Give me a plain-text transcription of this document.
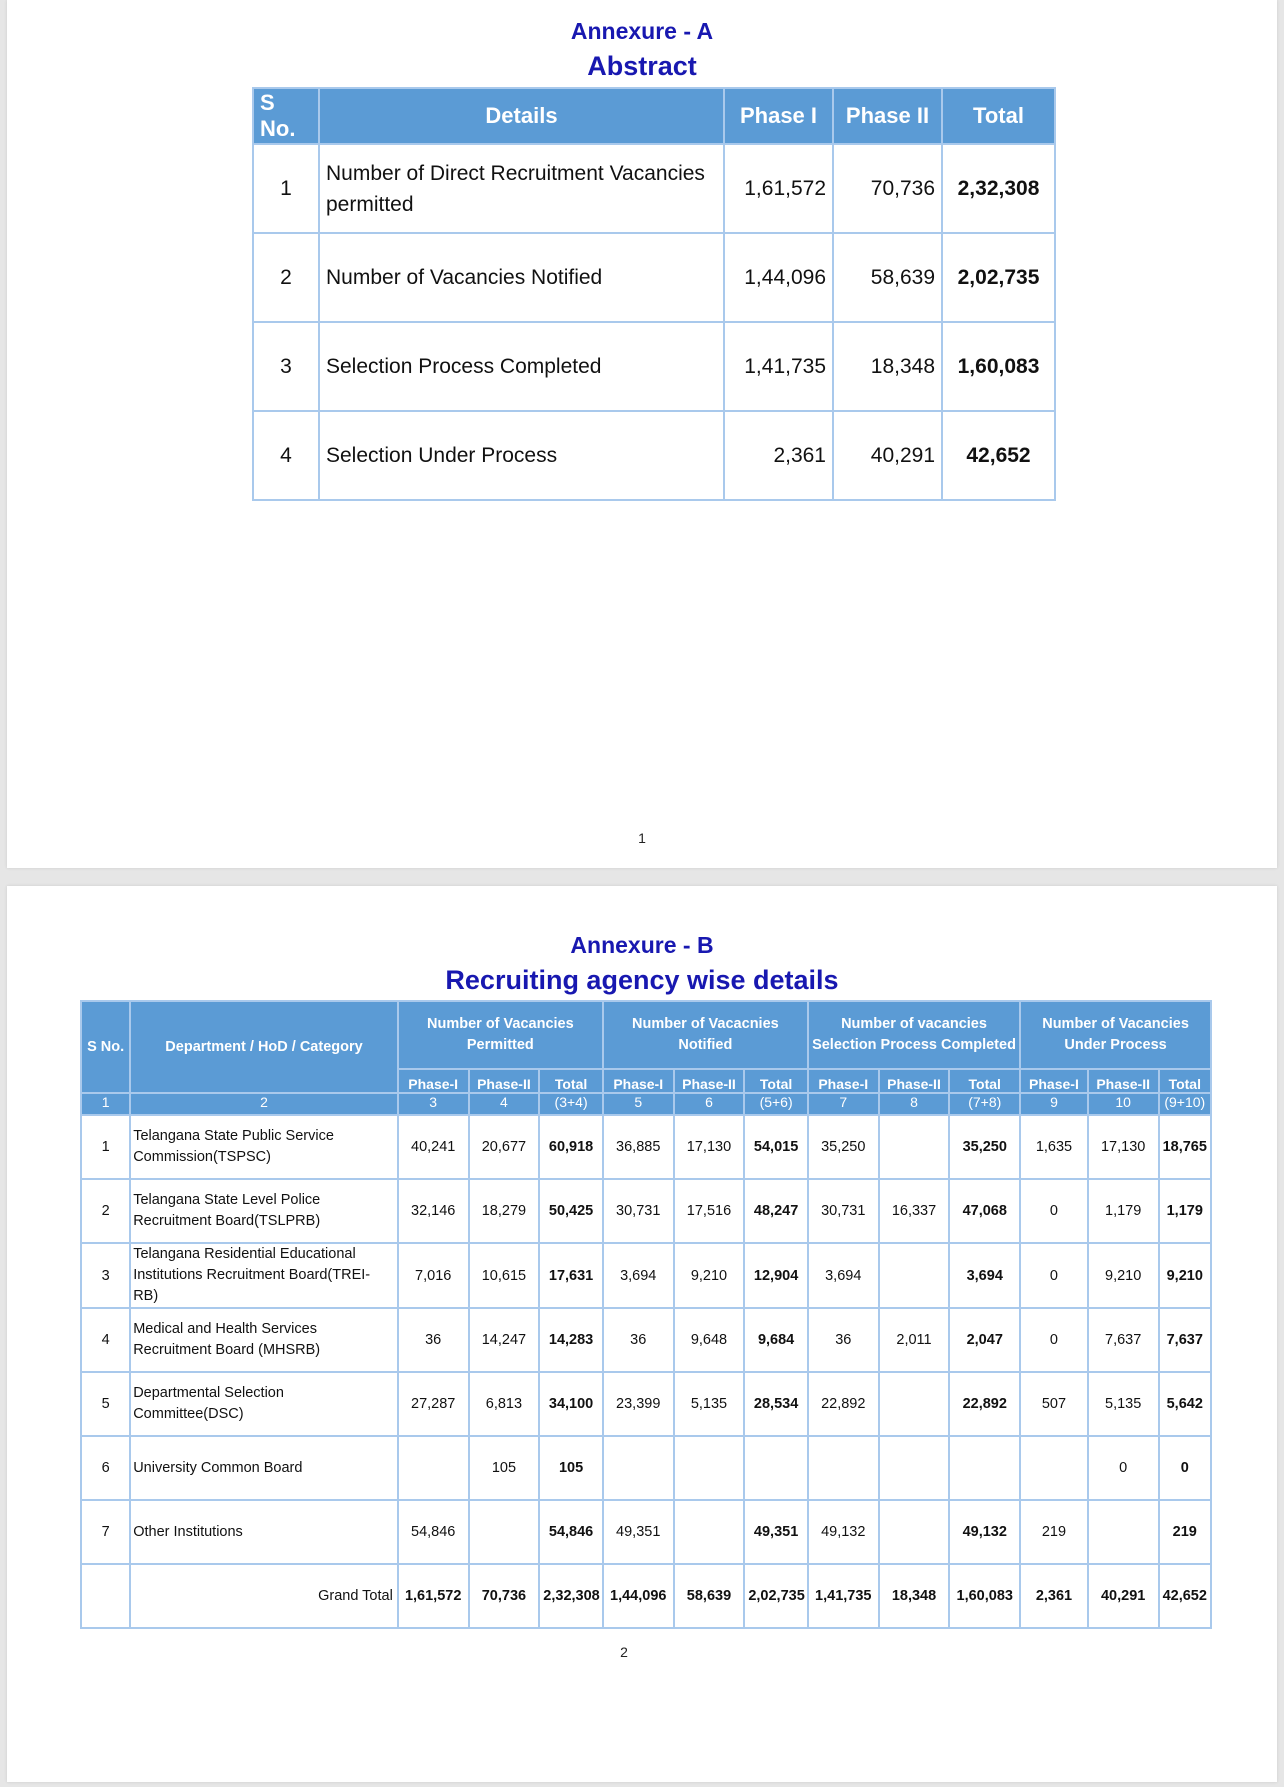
Annexure - A
Abstract
S No.	Details	Phase I	Phase II	Total
1	Number of Direct Recruitment Vacancies permitted	1,61,572	70,736	2,32,308
2	Number of Vacancies Notified	1,44,096	58,639	2,02,735
3	Selection Process Completed	1,41,735	18,348	1,60,083
4	Selection Under Process	2,361	40,291	42,652
1
Annexure - B
Recruiting agency wise details
S No.	Department / HoD / Category	Number of Vacancies Permitted			Number of Vacacnies Notified			Number of vacancies Selection Process Completed			Number of Vacancies Under Process		
		Phase-I	Phase-II	Total	Phase-I	Phase-II	Total	Phase-I	Phase-II	Total	Phase-I	Phase-II	Total
1	2	3	4	(3+4)	5	6	(5+6)	7	8	(7+8)	9	10	(9+10)
1	Telangana State Public Service Commission(TSPSC)	40,241	20,677	60,918	36,885	17,130	54,015	35,250		35,250	1,635	17,130	18,765
2	Telangana State Level Police Recruitment Board(TSLPRB)	32,146	18,279	50,425	30,731	17,516	48,247	30,731	16,337	47,068	0	1,179	1,179
3	Telangana Residential Educational Institutions Recruitment Board(TREI-RB)	7,016	10,615	17,631	3,694	9,210	12,904	3,694		3,694	0	9,210	9,210
4	Medical and Health Services Recruitment Board (MHSRB)	36	14,247	14,283	36	9,648	9,684	36	2,011	2,047	0	7,637	7,637
5	Departmental Selection Committee(DSC)	27,287	6,813	34,100	23,399	5,135	28,534	22,892		22,892	507	5,135	5,642
6	University Common Board		105	105								0	0
7	Other Institutions	54,846		54,846	49,351		49,351	49,132		49,132	219		219
	Grand Total	1,61,572	70,736	2,32,308	1,44,096	58,639	2,02,735	1,41,735	18,348	1,60,083	2,361	40,291	42,652
2
